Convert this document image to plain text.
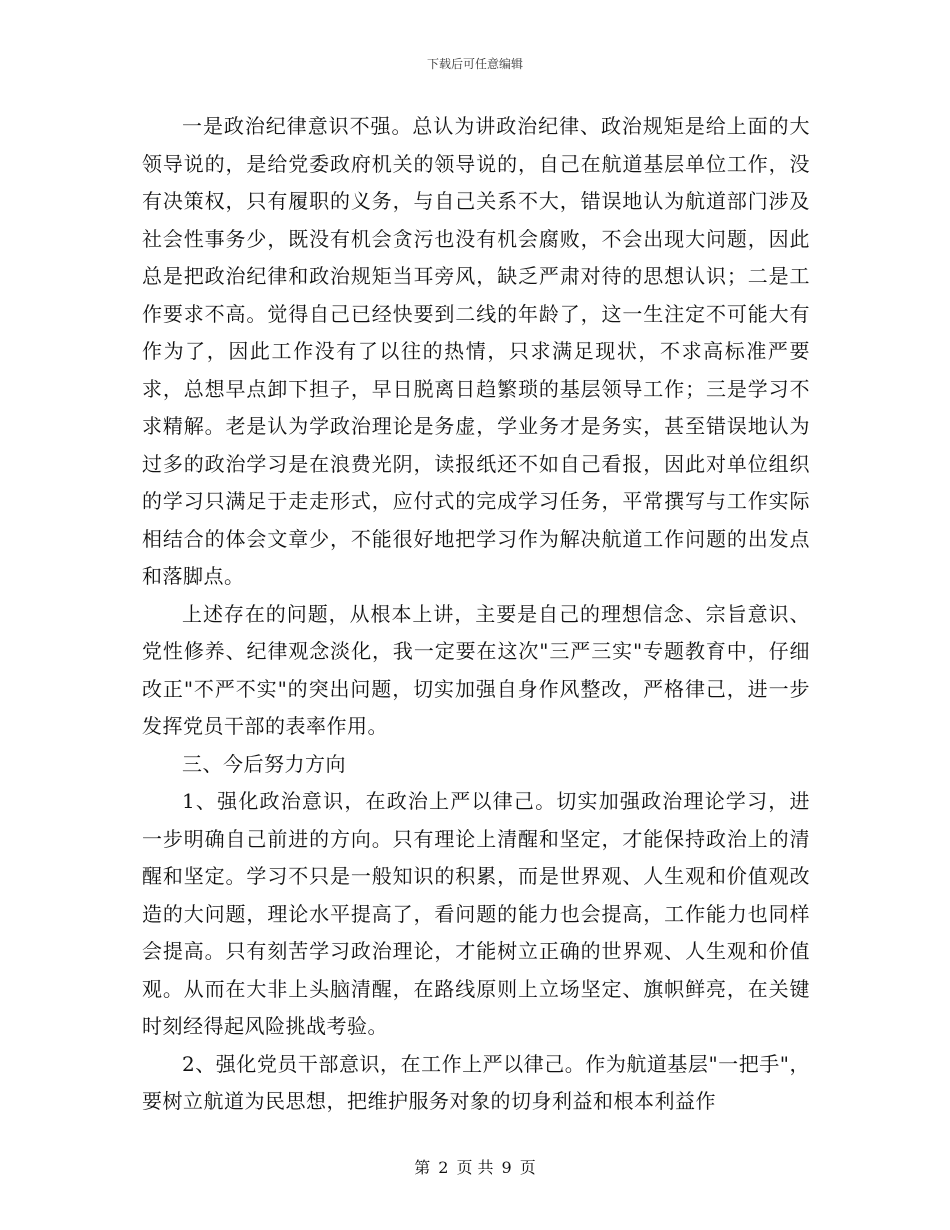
下载后可任意编辑

一是政治纪律意识不强。总认为讲政治纪律、政治规矩是给上面的大领导说的，是给党委政府机关的领导说的，自己在航道基层单位工作，没有决策权，只有履职的义务，与自己关系不大，错误地认为航道部门涉及社会性事务少，既没有机会贪污也没有机会腐败，不会出现大问题，因此总是把政治纪律和政治规矩当耳旁风，缺乏严肃对待的思想认识；二是工作要求不高。觉得自己已经快要到二线的年龄了，这一生注定不可能大有作为了，因此工作没有了以往的热情，只求满足现状，不求高标准严要求，总想早点卸下担子，早日脱离日趋繁琐的基层领导工作；三是学习不求精解。老是认为学政治理论是务虚，学业务才是务实，甚至错误地认为过多的政治学习是在浪费光阴，读报纸还不如自己看报，因此对单位组织的学习只满足于走走形式，应付式的完成学习任务，平常撰写与工作实际相结合的体会文章少，不能很好地把学习作为解决航道工作问题的出发点和落脚点。

上述存在的问题，从根本上讲，主要是自己的理想信念、宗旨意识、党性修养、纪律观念淡化，我一定要在这次"三严三实"专题教育中，仔细改正"不严不实"的突出问题，切实加强自身作风整改，严格律己，进一步发挥党员干部的表率作用。

三、今后努力方向

1、强化政治意识，在政治上严以律己。切实加强政治理论学习，进一步明确自己前进的方向。只有理论上清醒和坚定，才能保持政治上的清醒和坚定。学习不只是一般知识的积累，而是世界观、人生观和价值观改造的大问题，理论水平提高了，看问题的能力也会提高，工作能力也同样会提高。只有刻苦学习政治理论，才能树立正确的世界观、人生观和价值观。从而在大非上头脑清醒，在路线原则上立场坚定、旗帜鲜亮，在关键时刻经得起风险挑战考验。

2、强化党员干部意识，在工作上严以律己。作为航道基层"一把手"，要树立航道为民思想，把维护服务对象的切身利益和根本利益作

第 2 页 共 9 页
